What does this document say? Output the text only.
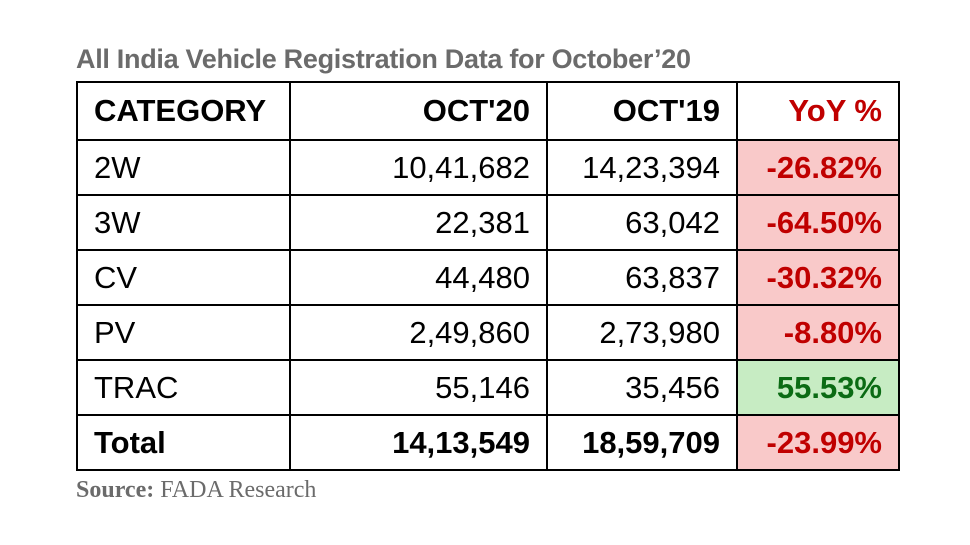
All India Vehicle Registration Data for October’20
CATEGORY	OCT'20	OCT'19	YoY %
2W	10,41,682	14,23,394	-26.82%
3W	22,381	63,042	-64.50%
CV	44,480	63,837	-30.32%
PV	2,49,860	2,73,980	-8.80%
TRAC	55,146	35,456	55.53%
Total	14,13,549	18,59,709	-23.99%
Source: FADA Research
